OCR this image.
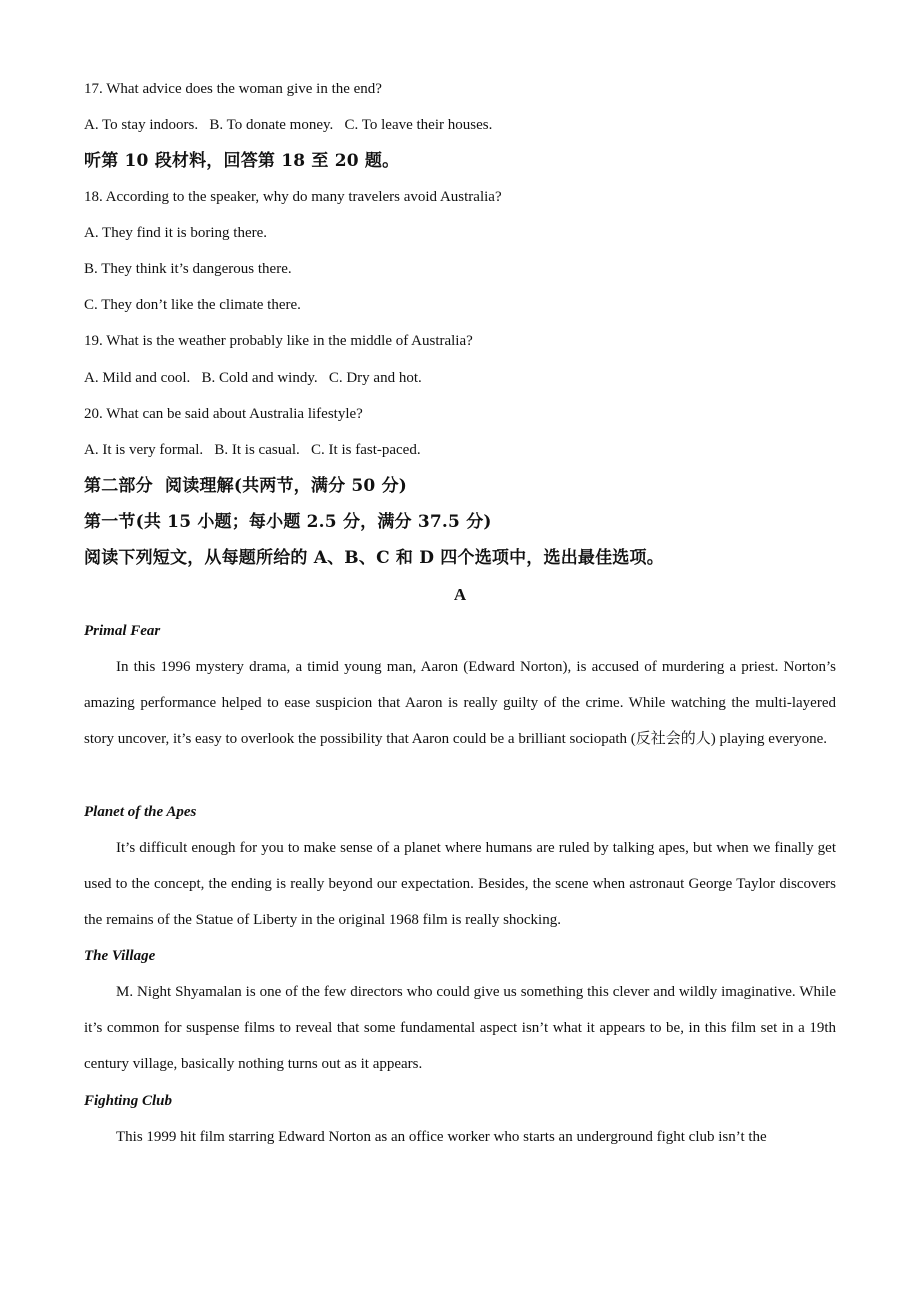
17. What advice does the woman give in the end?
A. To stay indoors.   B. To donate money.   C. To leave their houses.
听第 10 段材料，回答第 18 至 20 题。
18. According to the speaker, why do many travelers avoid Australia?
A. They find it is boring there.
B. They think it’s dangerous there.
C. They don’t like the climate there.
19. What is the weather probably like in the middle of Australia?
A. Mild and cool.   B. Cold and windy.   C. Dry and hot.
20. What can be said about Australia lifestyle?
A. It is very formal.   B. It is casual.   C. It is fast-paced.
第二部分  阅读理解(共两节，满分 50 分)
第一节(共 15 小题；每小题 2.5 分，满分 37.5 分)
阅读下列短文，从每题所给的 A、B、C 和 D 四个选项中，选出最佳选项。
A
Primal Fear
In this 1996 mystery drama, a timid young man, Aaron (Edward Norton), is accused of murdering a priest. Norton’s amazing performance helped to ease suspicion that Aaron is really guilty of the crime. While watching the multi-layered story uncover, it’s easy to overlook the possibility that Aaron could be a brilliant sociopath (反社会的人) playing everyone.
Planet of the Apes
It’s difficult enough for you to make sense of a planet where humans are ruled by talking apes, but when we finally get used to the concept, the ending is really beyond our expectation. Besides, the scene when astronaut George Taylor discovers the remains of the Statue of Liberty in the original 1968 film is really shocking.
The Village
M. Night Shyamalan is one of the few directors who could give us something this clever and wildly imaginative. While it’s common for suspense films to reveal that some fundamental aspect isn’t what it appears to be, in this film set in a 19th century village, basically nothing turns out as it appears.
Fighting Club
This 1999 hit film starring Edward Norton as an office worker who starts an underground fight club isn’t the
